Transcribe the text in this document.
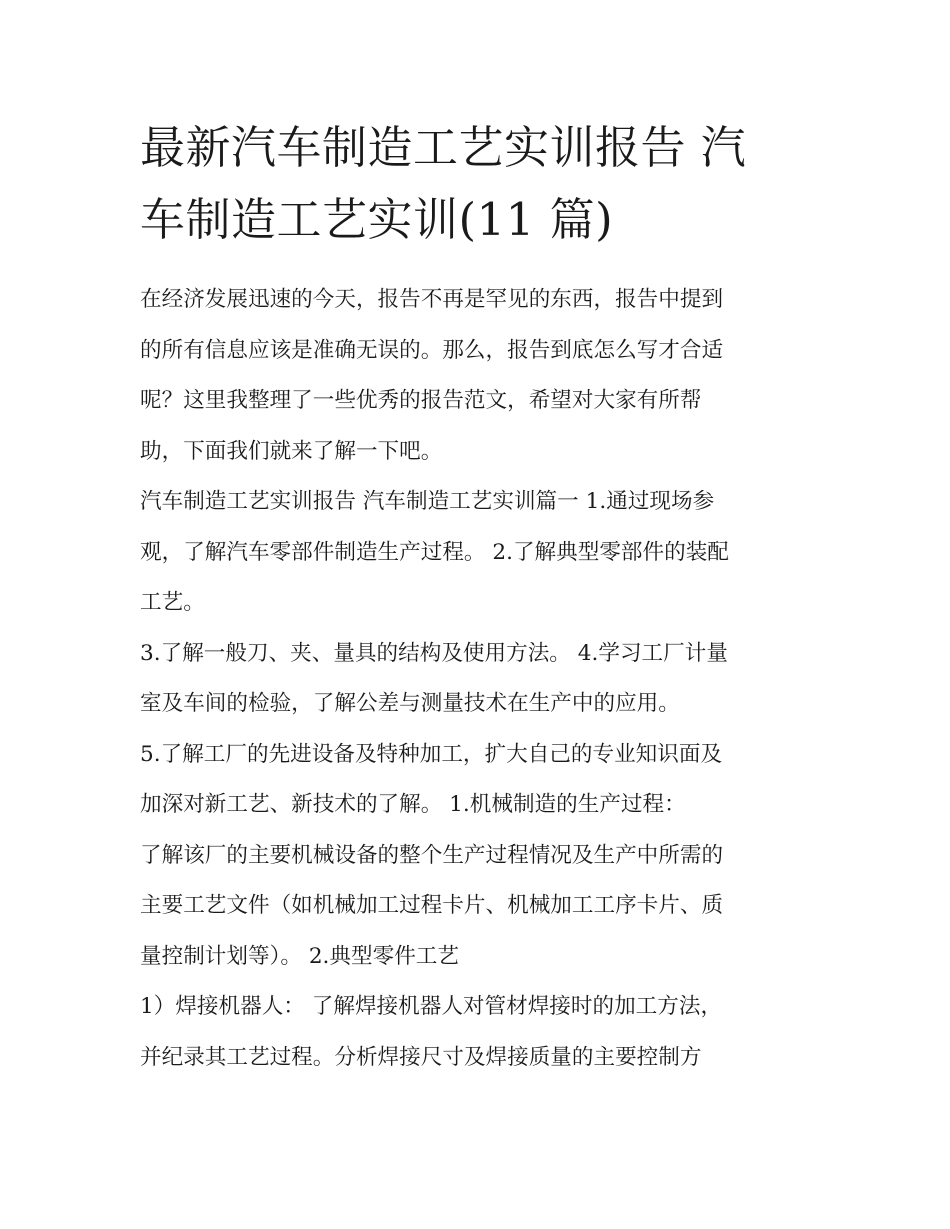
最新汽车制造工艺实训报告 汽
车制造工艺实训(11 篇)

在经济发展迅速的今天，报告不再是罕见的东西，报告中提到
的所有信息应该是准确无误的。那么，报告到底怎么写才合适
呢？这里我整理了一些优秀的报告范文，希望对大家有所帮
助，下面我们就来了解一下吧。

汽车制造工艺实训报告 汽车制造工艺实训篇一 1.通过现场参
观，了解汽车零部件制造生产过程。 2.了解典型零部件的装配
工艺。

3.了解一般刀、夹、量具的结构及使用方法。 4.学习工厂计量
室及车间的检验，了解公差与测量技术在生产中的应用。

5.了解工厂的先进设备及特种加工，扩大自己的专业知识面及
加深对新工艺、新技术的了解。 1.机械制造的生产过程：

了解该厂的主要机械设备的整个生产过程情况及生产中所需的
主要工艺文件（如机械加工过程卡片、机械加工工序卡片、质
量控制计划等）。 2.典型零件工艺

1）焊接机器人： 了解焊接机器人对管材焊接时的加工方法，
并纪录其工艺过程。分析焊接尺寸及焊接质量的主要控制方
